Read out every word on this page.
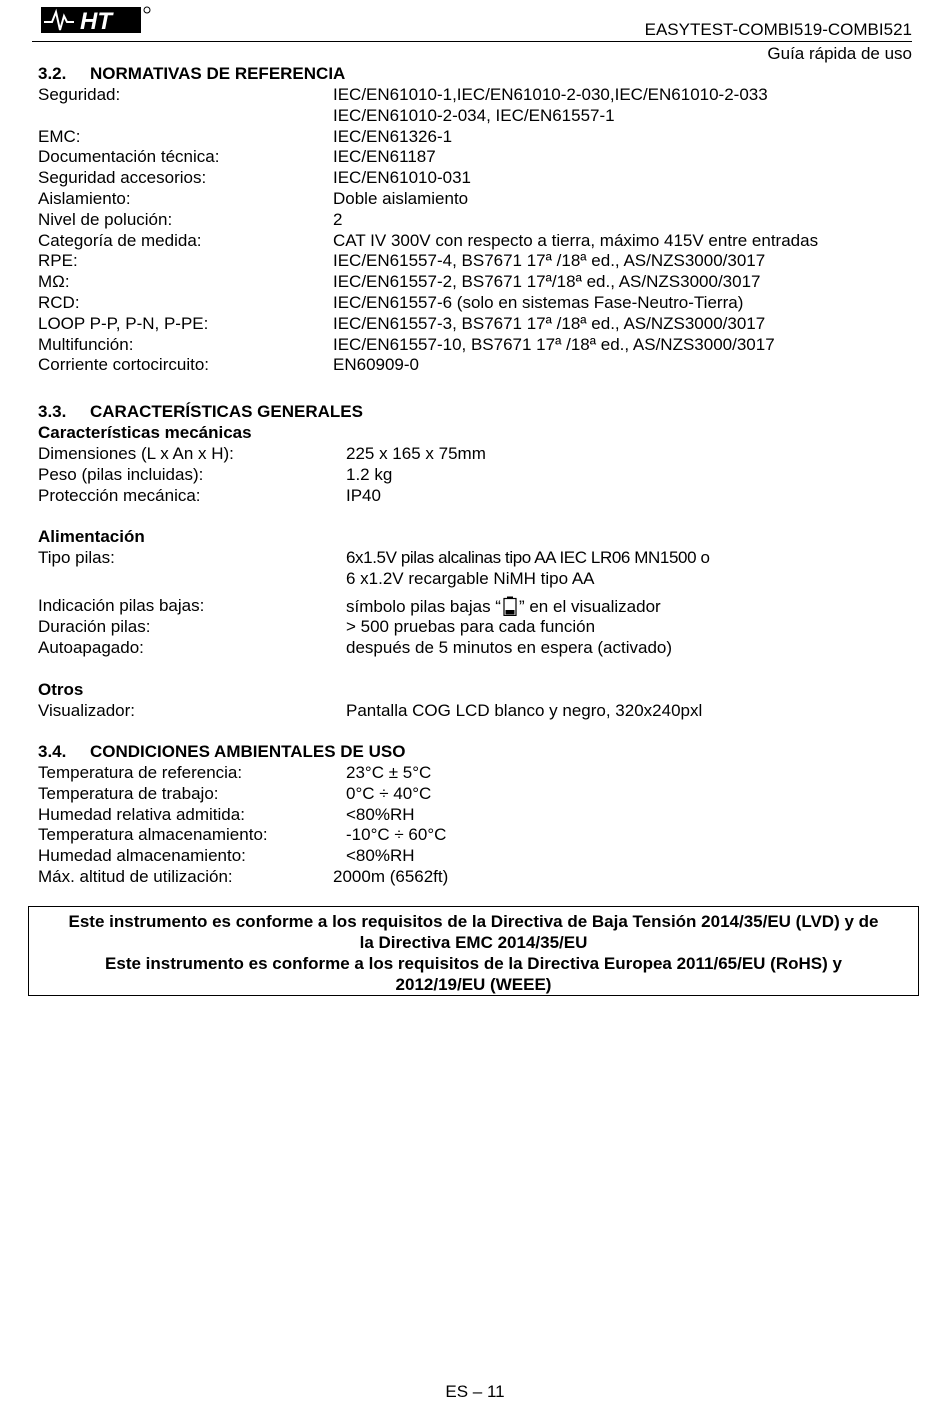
HT	EASYTEST-COMBI519-COMBI521
Guía rápida de uso
3.2. NORMATIVAS DE REFERENCIA
Seguridad:	IEC/EN61010-1,IEC/EN61010-2-030,IEC/EN61010-2-033
IEC/EN61010-2-034, IEC/EN61557-1
EMC:	IEC/EN61326-1
Documentación técnica:	IEC/EN61187
Seguridad accesorios:	IEC/EN61010-031
Aislamiento:	Doble aislamiento
Nivel de polución:	2
Categoría de medida:	CAT IV 300V con respecto a tierra, máximo 415V entre entradas
RPE:	IEC/EN61557-4, BS7671 17ª /18ª ed., AS/NZS3000/3017
MΩ:	IEC/EN61557-2, BS7671 17ª/18ª ed., AS/NZS3000/3017
RCD:	IEC/EN61557-6 (solo en sistemas Fase-Neutro-Tierra)
LOOP P-P, P-N, P-PE:	IEC/EN61557-3, BS7671 17ª /18ª ed., AS/NZS3000/3017
Multifunción:	IEC/EN61557-10, BS7671 17ª /18ª ed., AS/NZS3000/3017
Corriente cortocircuito:	EN60909-0
3.3. CARACTERÍSTICAS GENERALES
Características mecánicas
Dimensiones (L x An x H):	225 x 165 x 75mm
Peso (pilas incluidas):	1.2 kg
Protección mecánica:	IP40
Alimentación
Tipo pilas:	6x1.5V pilas alcalinas tipo AA IEC LR06 MN1500 o
6 x1.2V recargable NiMH tipo AA
Indicación pilas bajas:	símbolo pilas bajas “ ” en el visualizador
Duración pilas:	> 500 pruebas para cada función
Autoapagado:	después de 5 minutos en espera (activado)
Otros
Visualizador:	Pantalla COG LCD blanco y negro, 320x240pxl
3.4. CONDICIONES AMBIENTALES DE USO
Temperatura de referencia:	23°C ± 5°C
Temperatura de trabajo:	0°C ÷ 40°C
Humedad relativa admitida:	<80%RH
Temperatura almacenamiento:	-10°C ÷ 60°C
Humedad almacenamiento:	<80%RH
Máx. altitud de utilización:	2000m (6562ft)

Este instrumento es conforme a los requisitos de la Directiva de Baja Tensión 2014/35/EU (LVD) y de

la Directiva EMC 2014/35/EU

Este instrumento es conforme a los requisitos de la Directiva Europea 2011/65/EU (RoHS) y

2012/19/EU (WEEE)

ES – 11
